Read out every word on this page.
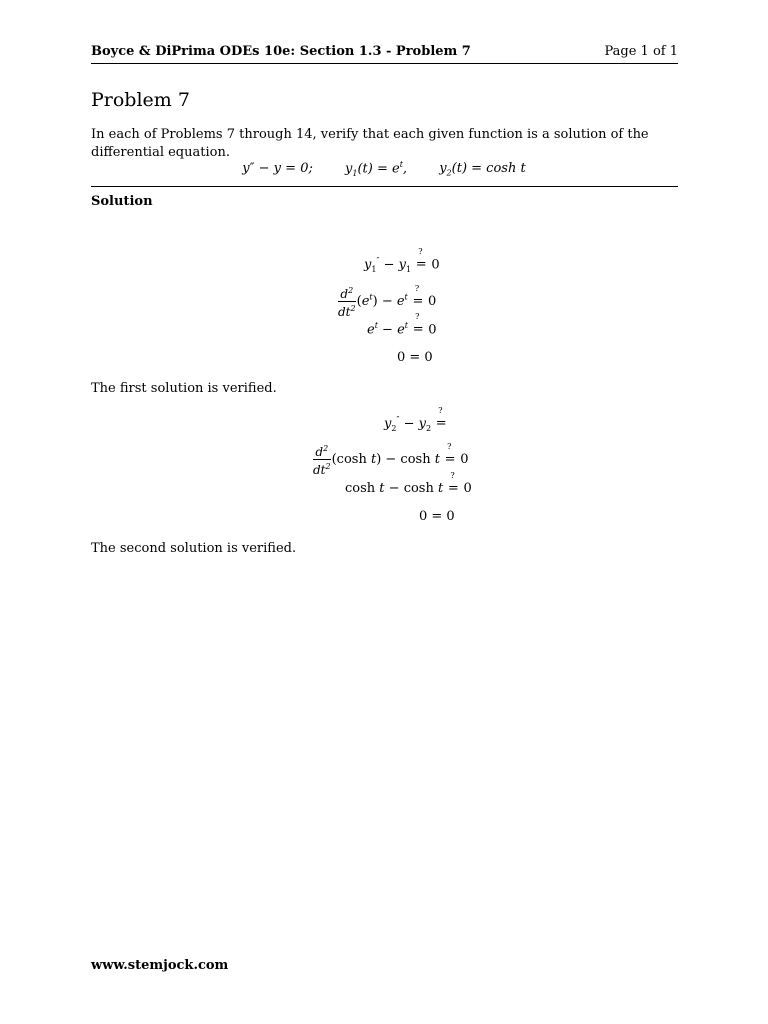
Boyce & DiPrima ODEs 10e: Section 1.3 - Problem 7	Page 1 of 1
Problem 7
In each of Problems 7 through 14, verify that each given function is a solution of the differential equation.
y″ − y = 0; $y_1(t) = e^t$, $y_2(t) = \cosh t$
Solution
$y_1'' - y_1$
?
= 0
$\frac{d^2}{dt^2} (e^t) - e^t$
?
= 0
$e^t - e^t$
?
= 0
0 = 0
The first solution is verified.
$y_2'' - y_2$
?
=
$\frac{d^2}{dt^2} (\cosh$ t) − cosh t
?
= 0
cosh t − cosh t
?
= 0
0 = 0
The second solution is verified.
www.stemjock.com
